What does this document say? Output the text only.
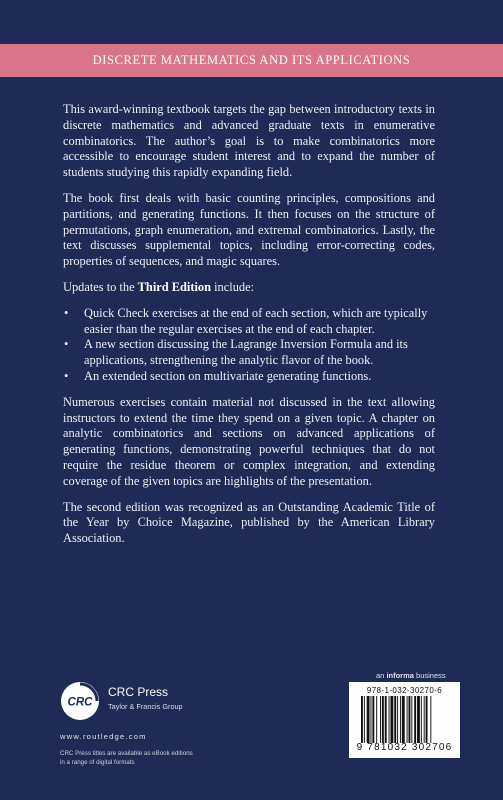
DISCRETE MATHEMATICS AND ITS APPLICATIONS

This award-winning textbook targets the gap between introductory texts in discrete mathematics and advanced graduate texts in enumerative combinatorics. The author’s goal is to make combinatorics more accessible to encourage student interest and to expand the number of students studying this rapidly expanding field.

The book first deals with basic counting principles, compositions and partitions, and generating functions. It then focuses on the structure of permutations, graph enumeration, and extremal combinatorics. Lastly, the text discusses supplemental topics, including error-correcting codes, properties of sequences, and magic squares.

Updates to the Third Edition include:

• Quick Check exercises at the end of each section, which are typically easier than the regular exercises at the end of each chapter.
• A new section discussing the Lagrange Inversion Formula and its applications, strengthening the analytic flavor of the book.
• An extended section on multivariate generating functions.

Numerous exercises contain material not discussed in the text allowing instructors to extend the time they spend on a given topic. A chapter on analytic combinatorics and sections on advanced applications of generating functions, demonstrating powerful techniques that do not require the residue theorem or complex integration, and extending coverage of the given topics are highlights of the presentation.

The second edition was recognized as an Outstanding Academic Title of the Year by Choice Magazine, published by the American Library Association.

an informa business
CRC
CRC Press
Taylor & Francis Group
www.routledge.com
CRC Press titles are available as eBook editions
in a range of digital formats
978-1-032-30270-6
9 781032 302706
